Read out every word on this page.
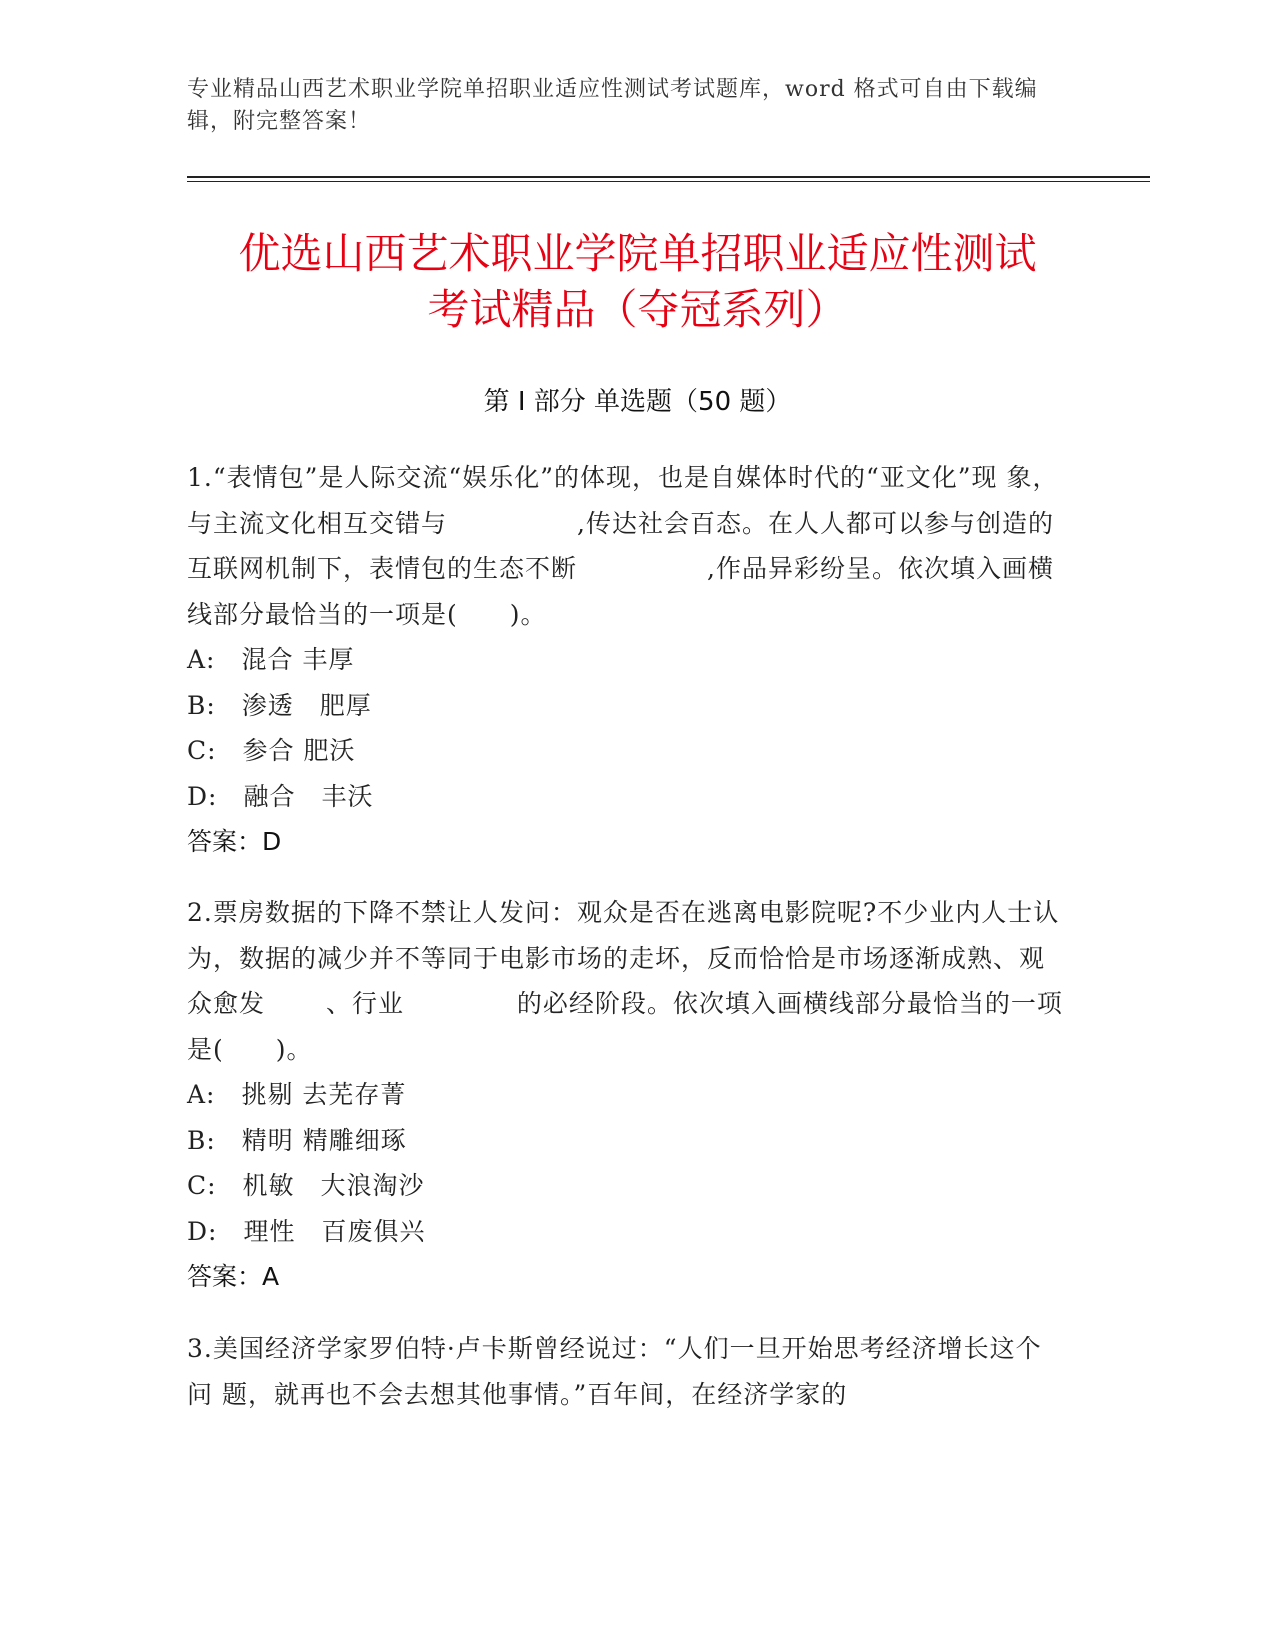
专业精品山西艺术职业学院单招职业适应性测试考试题库，word 格式可自由下载编辑，附完整答案！
优选山西艺术职业学院单招职业适应性测试
考试精品（夺冠系列）
第 I 部分 单选题（50 题）

1.“表情包”是人际交流“娱乐化”的体现，也是自媒体时代的“亚文化”现 象，与主流文化相互交错与　　　　　,传达社会百态。在人人都可以参与创造的互联网机制下，表情包的生态不断　　　　　,作品异彩纷呈。依次填入画横线部分最恰当的一项是(　　)。

A:　混合 丰厚

B:　渗透　肥厚

C:　参合 肥沃

D:　融合　丰沃

答案：D

2.票房数据的下降不禁让人发问：观众是否在逃离电影院呢?不少业内人士认 为，数据的减少并不等同于电影市场的走坏，反而恰恰是市场逐渐成熟、观众愈发　　 、行业　　　　 的必经阶段。依次填入画横线部分最恰当的一项是(　　)。

A:　挑剔 去芜存菁

B:　精明 精雕细琢

C:　机敏　大浪淘沙

D:　理性　百废俱兴

答案：A

3.美国经济学家罗伯特·卢卡斯曾经说过：“人们一旦开始思考经济增长这个问 题，就再也不会去想其他事情。”百年间，在经济学家的
